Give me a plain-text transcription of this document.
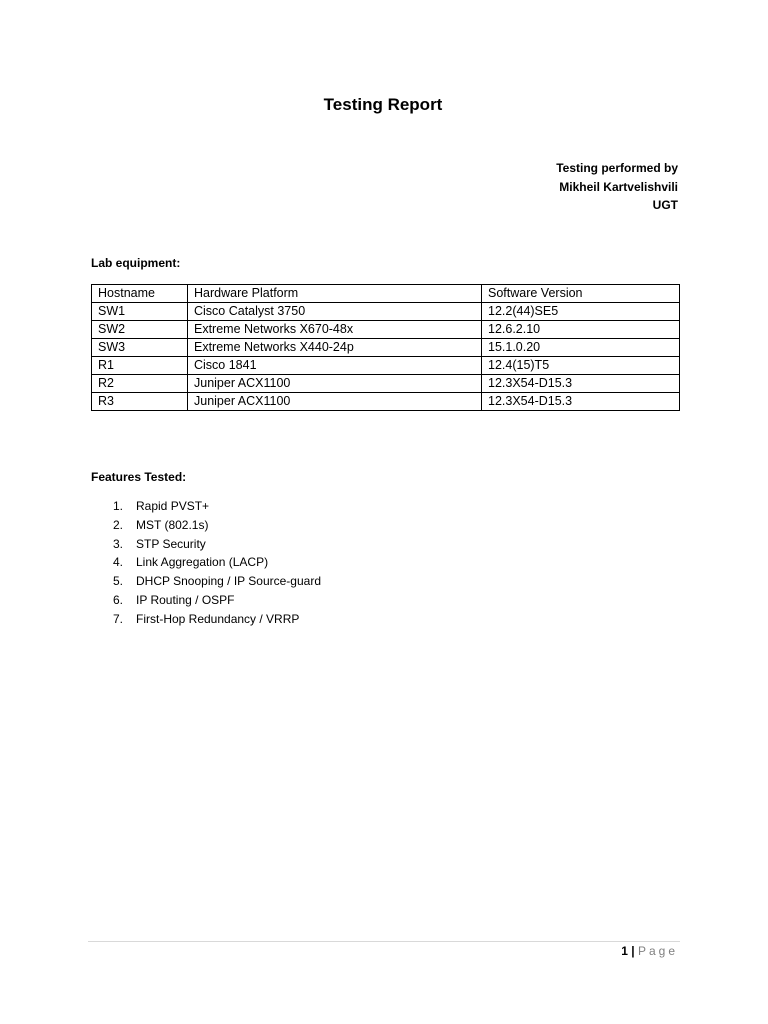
Testing Report
Testing performed by
Mikheil Kartvelishvili
UGT
Lab equipment:
Hostname	Hardware Platform	Software Version
SW1	Cisco Catalyst 3750	12.2(44)SE5
SW2	Extreme Networks X670-48x	12.6.2.10
SW3	Extreme Networks X440-24p	15.1.0.20
R1	Cisco 1841	12.4(15)T5
R2	Juniper ACX1100	12.3X54-D15.3
R3	Juniper ACX1100	12.3X54-D15.3
Features Tested:
1.	Rapid PVST+
2.	MST (802.1s)
3.	STP Security
4.	Link Aggregation (LACP)
5.	DHCP Snooping / IP Source-guard
6.	IP Routing / OSPF
7.	First-Hop Redundancy / VRRP
1 | Page
